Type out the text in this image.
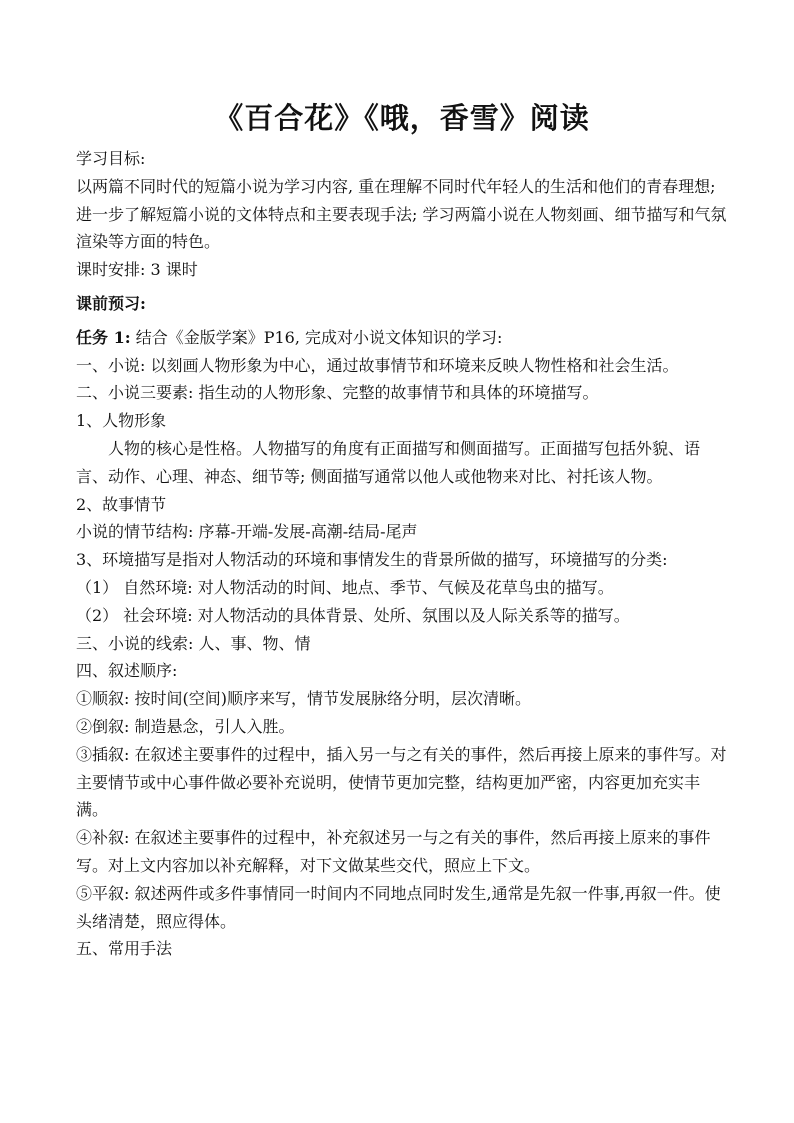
《百合花》《哦，香雪》阅读

学习目标:

以两篇不同时代的短篇小说为学习内容, 重在理解不同时代年轻人的生活和他们的青春理想; 进一步了解短篇小说的文体特点和主要表现手法; 学习两篇小说在人物刻画、细节描写和气氛渲染等方面的特色。

课时安排: 3 课时

课前预习:

任务 1: 结合《金版学案》P16, 完成对小说文体知识的学习:

一、小说: 以刻画人物形象为中心，通过故事情节和环境来反映人物性格和社会生活。

二、小说三要素: 指生动的人物形象、完整的故事情节和具体的环境描写。

1、人物形象

人物的核心是性格。人物描写的角度有正面描写和侧面描写。正面描写包括外貌、语言、动作、心理、神态、细节等; 侧面描写通常以他人或他物来对比、衬托该人物。

2、故事情节

小说的情节结构: 序幕-开端-发展-高潮-结局-尾声

3、环境描写是指对人物活动的环境和事情发生的背景所做的描写，环境描写的分类:

（1） 自然环境: 对人物活动的时间、地点、季节、气候及花草鸟虫的描写。

（2） 社会环境: 对人物活动的具体背景、处所、氛围以及人际关系等的描写。

三、小说的线索: 人、事、物、情

四、叙述顺序:

①顺叙: 按时间(空间)顺序来写，情节发展脉络分明，层次清晰。

②倒叙: 制造悬念，引人入胜。

③插叙: 在叙述主要事件的过程中，插入另一与之有关的事件，然后再接上原来的事件写。对主要情节或中心事件做必要补充说明，使情节更加完整，结构更加严密，内容更加充实丰满。

④补叙: 在叙述主要事件的过程中，补充叙述另一与之有关的事件，然后再接上原来的事件写。对上文内容加以补充解释，对下文做某些交代，照应上下文。

⑤平叙: 叙述两件或多件事情同一时间内不同地点同时发生,通常是先叙一件事,再叙一件。使头绪清楚，照应得体。

五、常用手法
